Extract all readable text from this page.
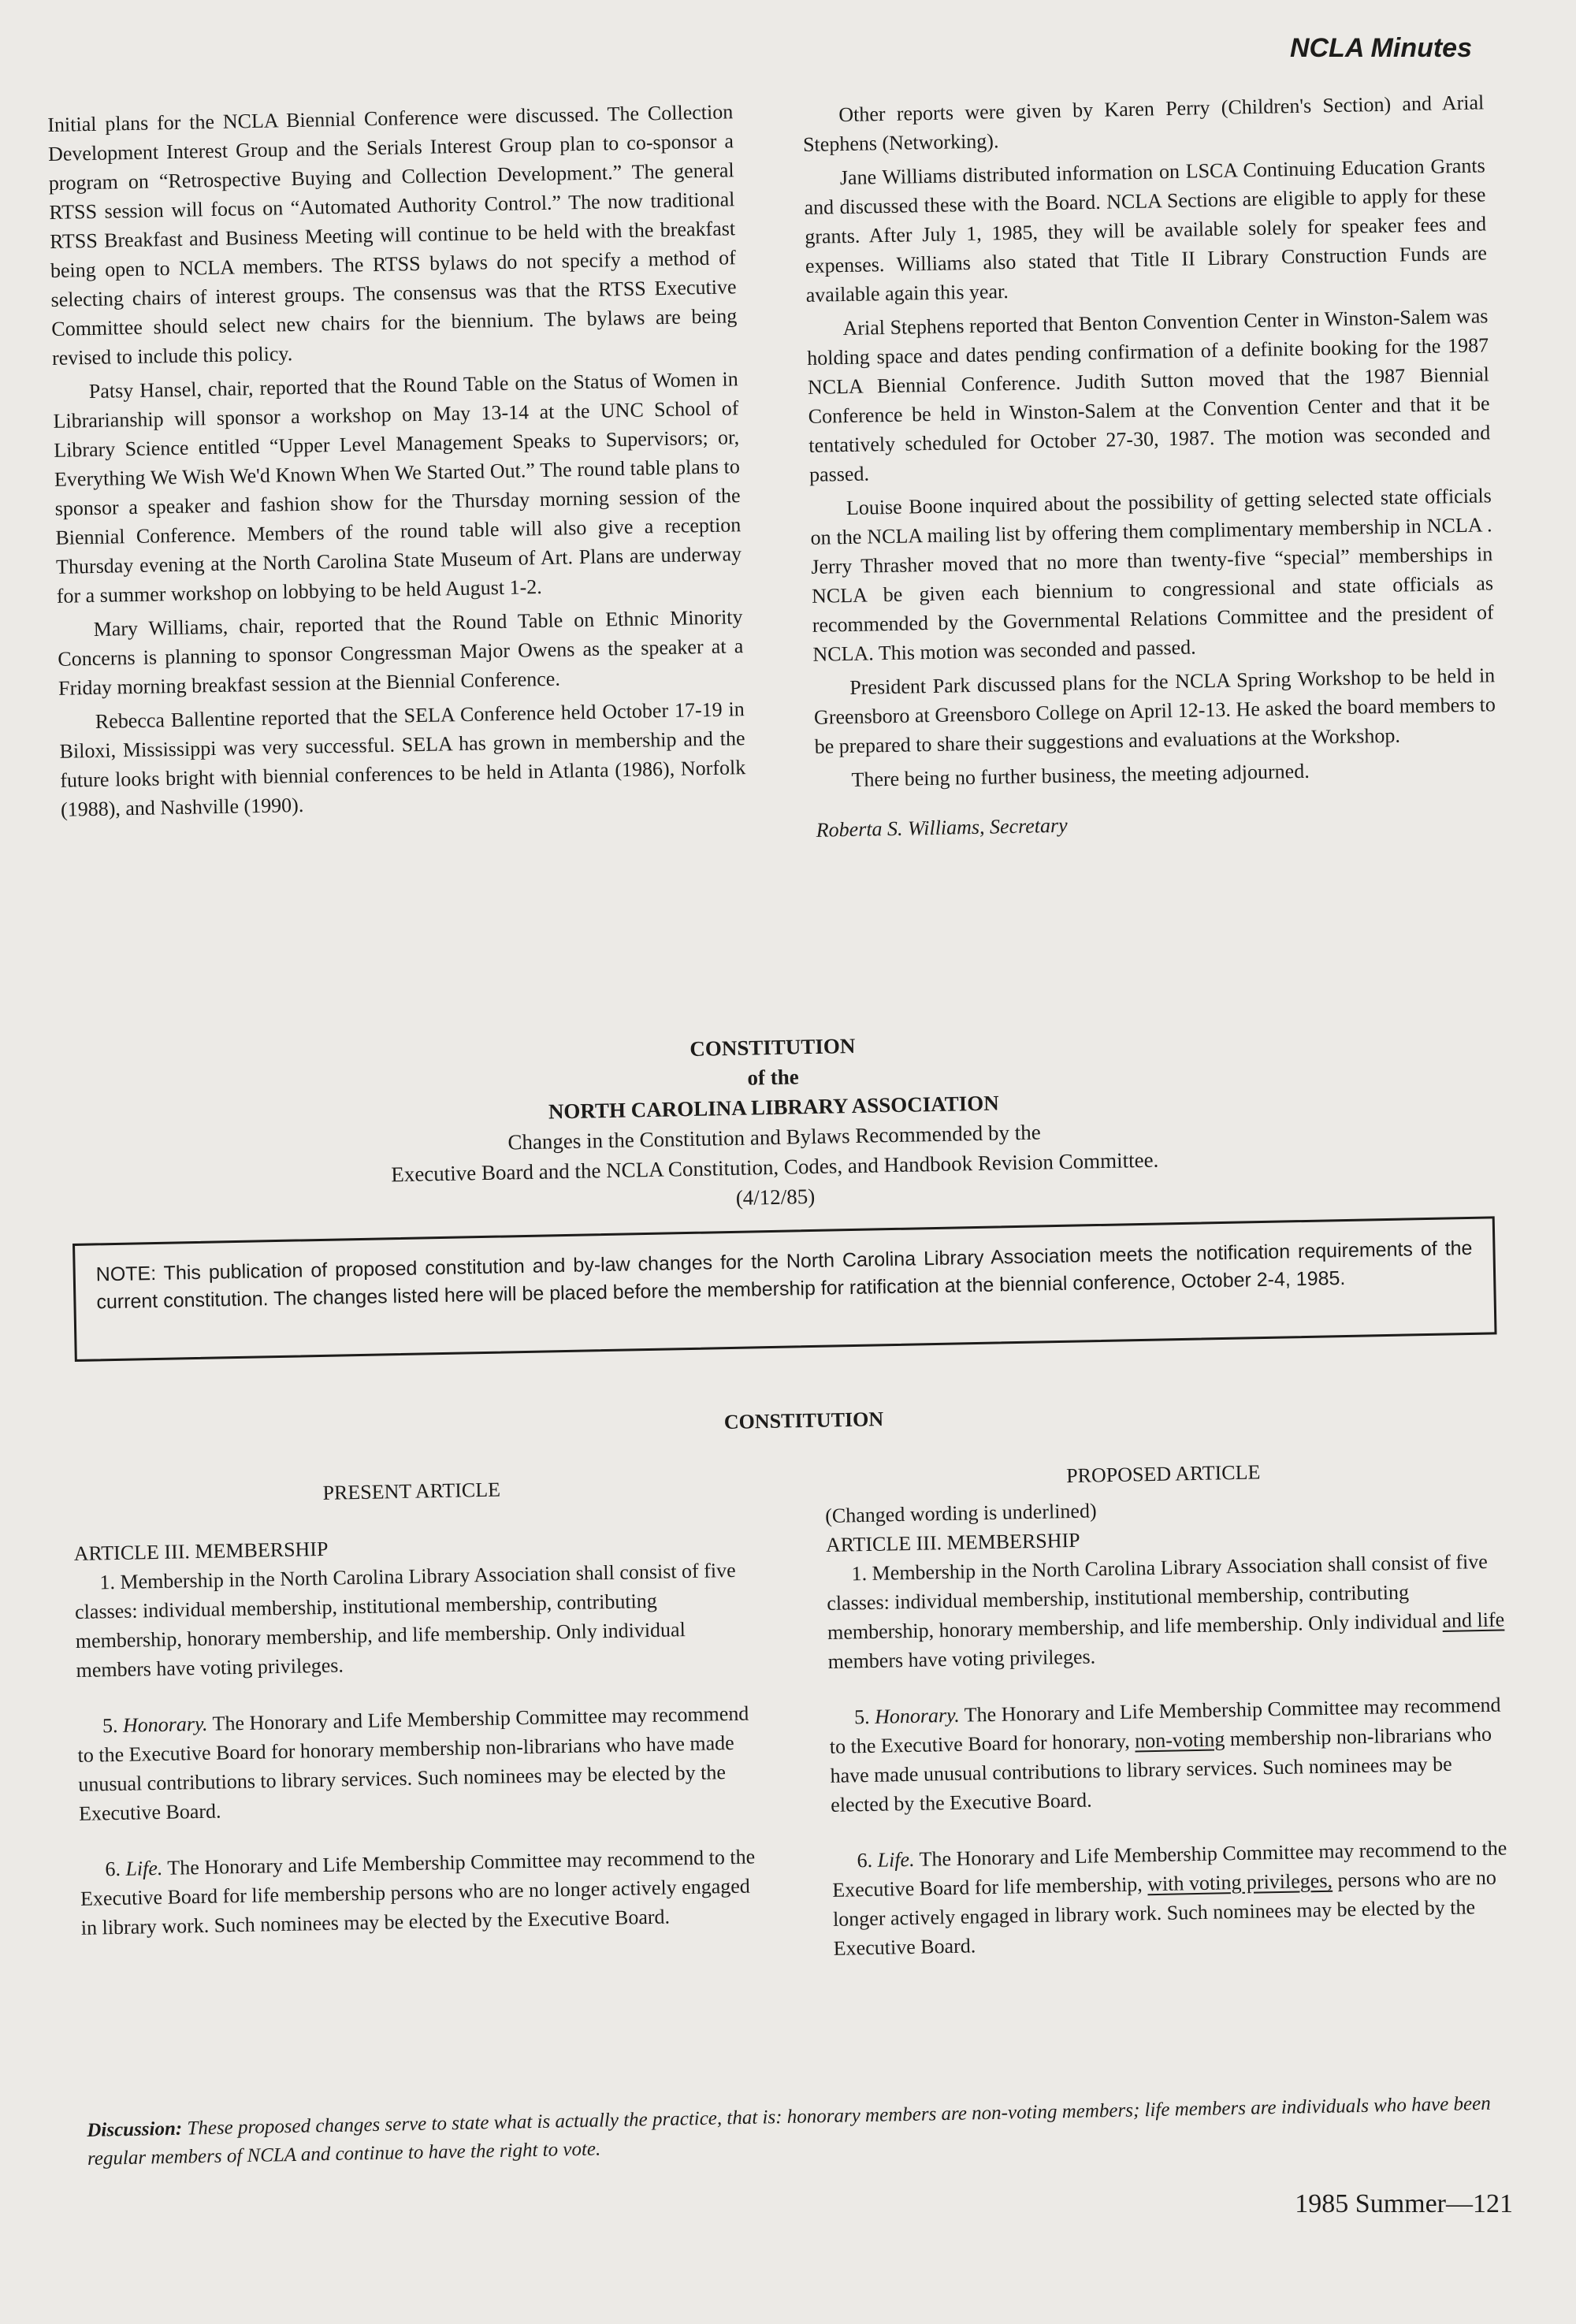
NCLA Minutes

Initial plans for the NCLA Biennial Conference were discussed. The Collection Development Interest Group and the Serials Interest Group plan to co-sponsor a program on “Retrospective Buying and Collection Development.” The general RTSS session will focus on “Automated Authority Control.” The now traditional RTSS Breakfast and Business Meeting will continue to be held with the breakfast being open to NCLA members. The RTSS bylaws do not specify a method of selecting chairs of interest groups. The consensus was that the RTSS Executive Committee should select new chairs for the biennium. The bylaws are being revised to include this policy.

Patsy Hansel, chair, reported that the Round Table on the Status of Women in Librarianship will sponsor a workshop on May 13-14 at the UNC School of Library Science entitled “Upper Level Management Speaks to Supervisors; or, Everything We Wish We'd Known When We Started Out.” The round table plans to sponsor a speaker and fashion show for the Thursday morning session of the Biennial Conference. Members of the round table will also give a reception Thursday evening at the North Carolina State Museum of Art. Plans are underway for a summer workshop on lobbying to be held August 1-2.

Mary Williams, chair, reported that the Round Table on Ethnic Minority Concerns is planning to sponsor Congressman Major Owens as the speaker at a Friday morning breakfast session at the Biennial Conference.

Rebecca Ballentine reported that the SELA Conference held October 17-19 in Biloxi, Mississippi was very successful. SELA has grown in membership and the future looks bright with biennial conferences to be held in Atlanta (1986), Norfolk (1988), and Nashville (1990).

Other reports were given by Karen Perry (Children's Section) and Arial Stephens (Networking).

Jane Williams distributed information on LSCA Continuing Education Grants and discussed these with the Board. NCLA Sections are eligible to apply for these grants. After July 1, 1985, they will be available solely for speaker fees and expenses. Williams also stated that Title II Library Construction Funds are available again this year.

Arial Stephens reported that Benton Convention Center in Winston-Salem was holding space and dates pending confirmation of a definite booking for the 1987 NCLA Biennial Conference. Judith Sutton moved that the 1987 Biennial Conference be held in Winston-Salem at the Convention Center and that it be tentatively scheduled for October 27-30, 1987. The motion was seconded and passed.

Louise Boone inquired about the possibility of getting selected state officials on the NCLA mailing list by offering them complimentary membership in NCLA . Jerry Thrasher moved that no more than twenty-five “special” memberships in NCLA be given each biennium to congressional and state officials as recommended by the Governmental Relations Committee and the president of NCLA. This motion was seconded and passed.

President Park discussed plans for the NCLA Spring Workshop to be held in Greensboro at Greensboro College on April 12-13. He asked the board members to be prepared to share their suggestions and evaluations at the Workshop.

There being no further business, the meeting adjourned.

Roberta S. Williams, Secretary
CONSTITUTION
of the
NORTH CAROLINA LIBRARY ASSOCIATION
Changes in the Constitution and Bylaws Recommended by the
Executive Board and the NCLA Constitution, Codes, and Handbook Revision Committee.
(4/12/85)
NOTE: This publication of proposed constitution and by-law changes for the North Carolina Library Association meets the notification requirements of the current constitution. The changes listed here will be placed before the membership for ratification at the biennial conference, October 2-4, 1985.
CONSTITUTION
PRESENT ARTICLE
ARTICLE III. MEMBERSHIP

1. Membership in the North Carolina Library Association shall consist of five classes: individual membership, institutional membership, contributing membership, honorary membership, and life membership. Only individual members have voting privileges.

5. Honorary. The Honorary and Life Membership Committee may recommend to the Executive Board for honorary membership non-librarians who have made unusual contributions to library services. Such nominees may be elected by the Executive Board.

6. Life. The Honorary and Life Membership Committee may recommend to the Executive Board for life membership persons who are no longer actively engaged in library work. Such nominees may be elected by the Executive Board.

PROPOSED ARTICLE
(Changed wording is underlined)
ARTICLE III. MEMBERSHIP

1. Membership in the North Carolina Library Association shall consist of five classes: individual membership, institutional membership, contributing membership, honorary membership, and life membership. Only individual and life members have voting privileges.

5. Honorary. The Honorary and Life Membership Committee may recommend to the Executive Board for honorary, non-voting membership non-librarians who have made unusual contributions to library services. Such nominees may be elected by the Executive Board.

6. Life. The Honorary and Life Membership Committee may recommend to the Executive Board for life membership, with voting privileges, persons who are no longer actively engaged in library work. Such nominees may be elected by the Executive Board.

Discussion: These proposed changes serve to state what is actually the practice, that is: honorary members are non-voting members; life members are individuals who have been regular members of NCLA and continue to have the right to vote.
1985 Summer—121
